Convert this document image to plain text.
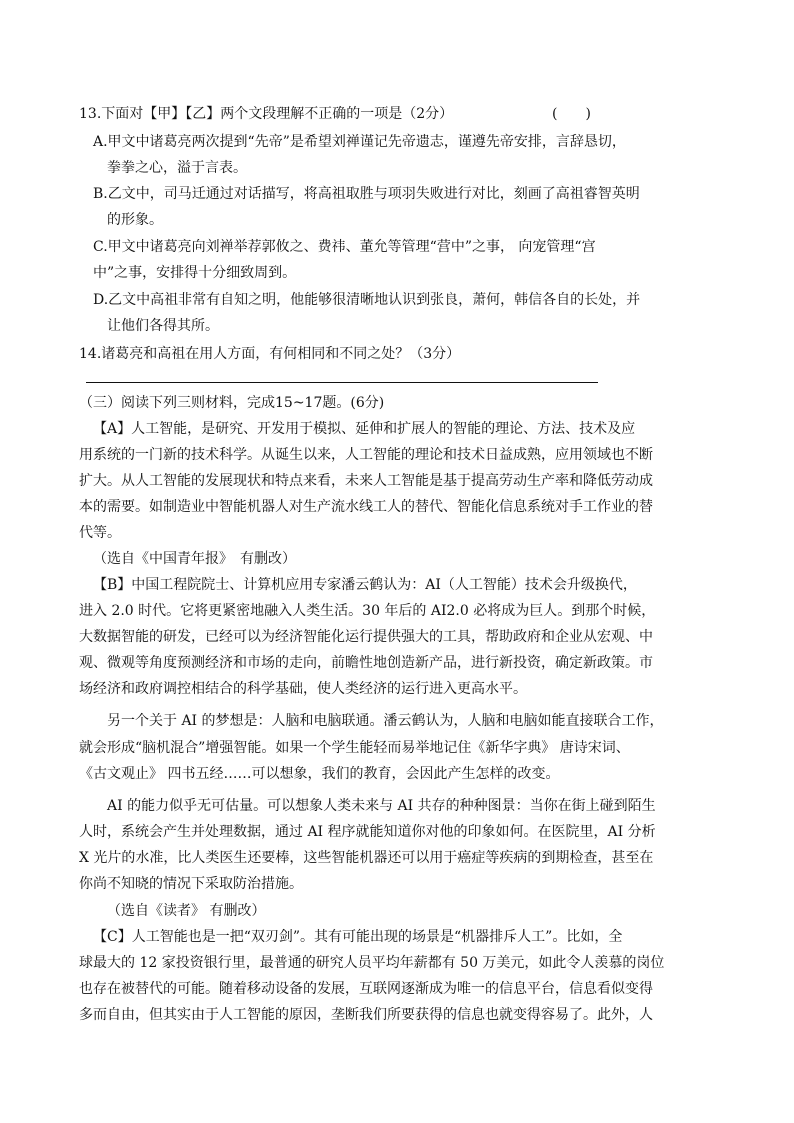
13.下面对【甲】【乙】两个文段理解不正确的一项是（2分）	(　　)
A.甲文中诸葛亮两次提到“先帝”是希望刘禅谨记先帝遗志，谨遵先帝安排，言辞恳切，
拳拳之心，溢于言表。
B.乙文中，司马迁通过对话描写，将高祖取胜与项羽失败进行对比，刻画了高祖睿智英明
的形象。
C.甲文中诸葛亮向刘禅举荐郭攸之、费祎、董允等管理“营中”之事， 向宠管理“宫
中”之事，安排得十分细致周到。
D.乙文中高祖非常有自知之明，他能够很清晰地认识到张良，萧何，韩信各自的长处，并
让他们各得其所。
14.诸葛亮和高祖在用人方面，有何相同和不同之处？（3分）
（三）阅读下列三则材料，完成15~17题。(6分)
【A】人工智能，是研究、开发用于模拟、延伸和扩展人的智能的理论、方法、技术及应
用系统的一门新的技术科学。从诞生以来，人工智能的理论和技术日益成熟，应用领域也不断
扩大。从人工智能的发展现状和特点来看，未来人工智能是基于提高劳动生产率和降低劳动成
本的需要。如制造业中智能机器人对生产流水线工人的替代、智能化信息系统对手工作业的替
代等。
（选自《中国青年报》　有删改）
【B】中国工程院院士、计算机应用专家潘云鹤认为：AI（人工智能）技术会升级换代，
进入 2.0 时代。它将更紧密地融入人类生活。30 年后的 AI2.0 必将成为巨人。到那个时候，
大数据智能的研发，已经可以为经济智能化运行提供强大的工具，帮助政府和企业从宏观、中
观、微观等角度预测经济和市场的走向，前瞻性地创造新产品，进行新投资，确定新政策。市
场经济和政府调控相结合的科学基础，使人类经济的运行进入更高水平。
另一个关于 AI 的梦想是：人脑和电脑联通。潘云鹤认为，人脑和电脑如能直接联合工作，
就会形成“脑机混合”增强智能。如果一个学生能轻而易举地记住《新华字典》 唐诗宋词、
《古文观止》 四书五经……可以想象，我们的教育，会因此产生怎样的改变。
AI 的能力似乎无可估量。可以想象人类未来与 AI 共存的种种图景：当你在街上碰到陌生
人时，系统会产生并处理数据，通过 AI 程序就能知道你对他的印象如何。在医院里，AI 分析
X 光片的水准，比人类医生还要棒，这些智能机器还可以用于癌症等疾病的到期检查，甚至在
你尚不知晓的情况下采取防治措施。
（选自《读者》 有删改）
【C】人工智能也是一把“双刃剑”。其有可能出现的场景是“机器排斥人工”。比如，全
球最大的 12 家投资银行里，最普通的研究人员平均年薪都有 50 万美元，如此令人羡慕的岗位
也存在被替代的可能。随着移动设备的发展，互联网逐渐成为唯一的信息平台，信息看似变得
多而自由，但其实由于人工智能的原因，垄断我们所要获得的信息也就变得容易了。此外，人
